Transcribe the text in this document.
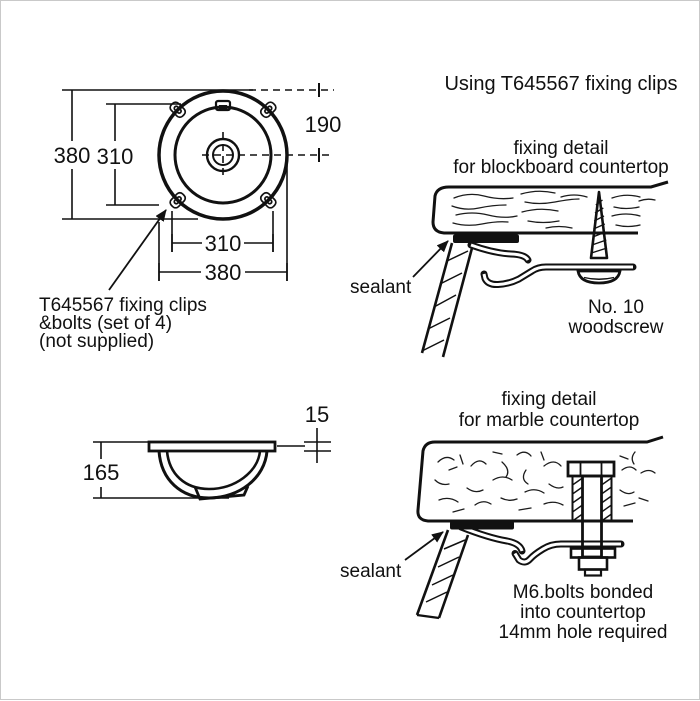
380 310
190
310
380
T645567 fixing clips
&bolts (set of 4)
(not supplied)
Using T645567 fixing clips
fixing detail
for blockboard countertop
sealant
No. 10
woodscrew
165
15
fixing detail
for marble countertop
sealant
M6.bolts bonded
into countertop
14mm hole required
